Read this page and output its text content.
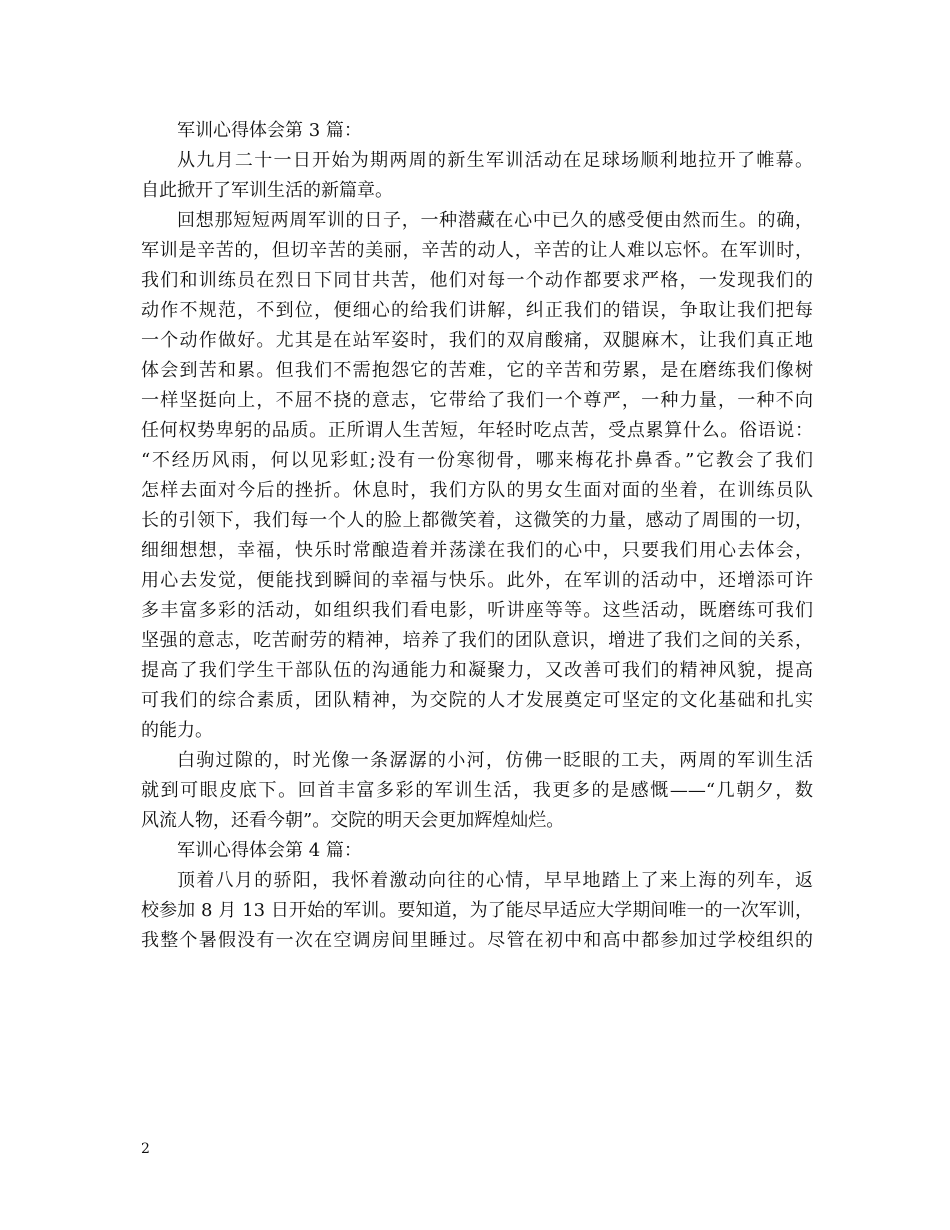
军训心得体会第 3 篇：
从九月二十一日开始为期两周的新生军训活动在足球场顺利地拉开了帷幕。
自此掀开了军训生活的新篇章。
回想那短短两周军训的日子，一种潜藏在心中已久的感受便由然而生。的确，
军训是辛苦的，但切辛苦的美丽，辛苦的动人，辛苦的让人难以忘怀。在军训时，
我们和训练员在烈日下同甘共苦，他们对每一个动作都要求严格，一发现我们的
动作不规范，不到位，便细心的给我们讲解，纠正我们的错误，争取让我们把每
一个动作做好。尤其是在站军姿时，我们的双肩酸痛，双腿麻木，让我们真正地
体会到苦和累。但我们不需抱怨它的苦难，它的辛苦和劳累，是在磨练我们像树
一样坚挺向上，不屈不挠的意志，它带给了我们一个尊严，一种力量，一种不向
任何权势卑躬的品质。正所谓人生苦短，年轻时吃点苦，受点累算什么。俗语说：
“不经历风雨，何以见彩虹;没有一份寒彻骨，哪来梅花扑鼻香。”它教会了我们
怎样去面对今后的挫折。休息时，我们方队的男女生面对面的坐着，在训练员队
长的引领下，我们每一个人的脸上都微笑着，这微笑的力量，感动了周围的一切，
细细想想，幸福，快乐时常酿造着并荡漾在我们的心中，只要我们用心去体会，
用心去发觉，便能找到瞬间的幸福与快乐。此外，在军训的活动中，还增添可许
多丰富多彩的活动，如组织我们看电影，听讲座等等。这些活动，既磨练可我们
坚强的意志，吃苦耐劳的精神，培养了我们的团队意识，增进了我们之间的关系，
提高了我们学生干部队伍的沟通能力和凝聚力，又改善可我们的精神风貌，提高
可我们的综合素质，团队精神，为交院的人才发展奠定可坚定的文化基础和扎实
的能力。
白驹过隙的，时光像一条潺潺的小河，仿佛一眨眼的工夫，两周的军训生活
就到可眼皮底下。回首丰富多彩的军训生活，我更多的是感慨——“几朝夕，数
风流人物，还看今朝”。交院的明天会更加辉煌灿烂。
军训心得体会第 4 篇：
顶着八月的骄阳，我怀着激动向往的心情，早早地踏上了来上海的列车，返
校参加 8 月 13 日开始的军训。要知道，为了能尽早适应大学期间唯一的一次军训，
我整个暑假没有一次在空调房间里睡过。尽管在初中和高中都参加过学校组织的
2
